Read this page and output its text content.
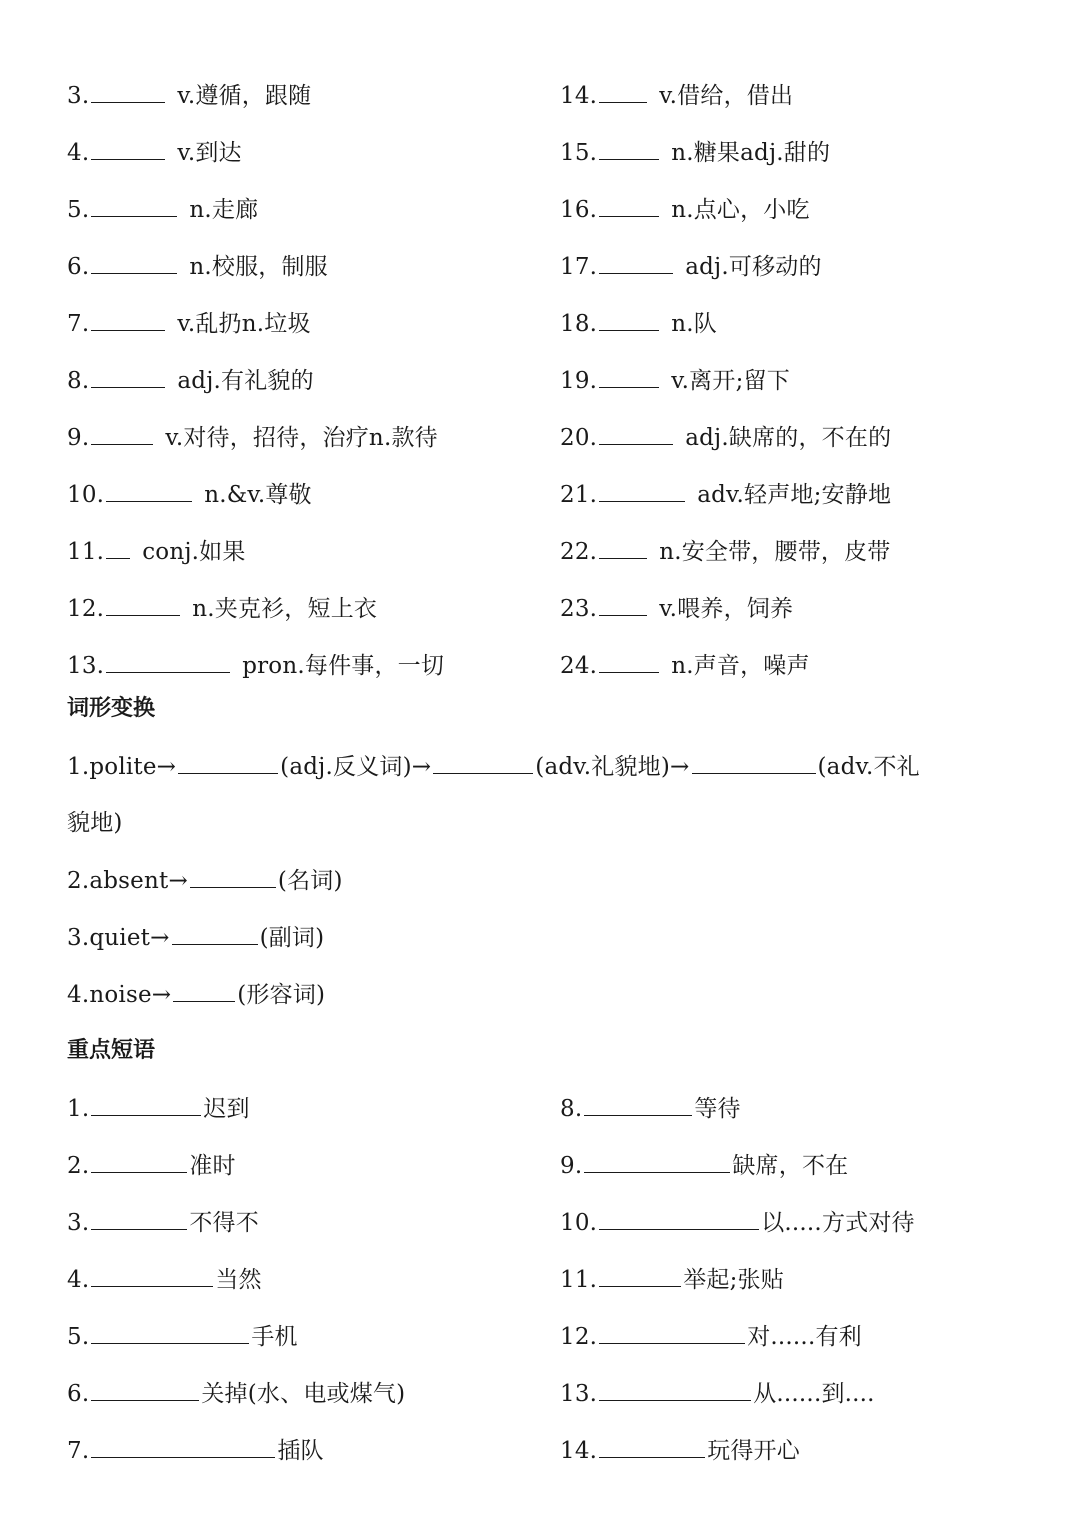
3.	v.遵循，跟随
4.	v.到达
5.	n.走廊
6.	n.校服，制服
7.	v.乱扔n.垃圾
8.	adj.有礼貌的
9.	v.对待，招待，治疗n.款待
10.	n.&v.尊敬
11. conj.如果
12.	n.夹克衫，短上衣
13.	pron.每件事，一切
14.	v.借给，借出
15.	n.糖果adj.甜的
16.	n.点心，小吃
17.	adj.可移动的
18.	n.队
19.	v.离开;留下
20.	adj.缺席的，不在的
21.	adv.轻声地;安静地
22.	n.安全带，腰带，皮带
23.	v.喂养，饲养
24.	n.声音，噪声
词形变换
1.polite→	(adj.反义词)→	(adv.礼貌地)→	(adv.不礼
貌地)
2.absent→	(名词)
3.quiet→	(副词)
4.noise→	(形容词)
重点短语
1.	迟到
2.	准时
3.	不得不
4.	当然
5.	手机
6.	关掉(水、电或煤气)
7.	插队
8.	等待
9.	缺席，不在
10.	以.....方式对待
11.	举起;张贴
12.	对......有利
13.	从......到....
14.	玩得开心
